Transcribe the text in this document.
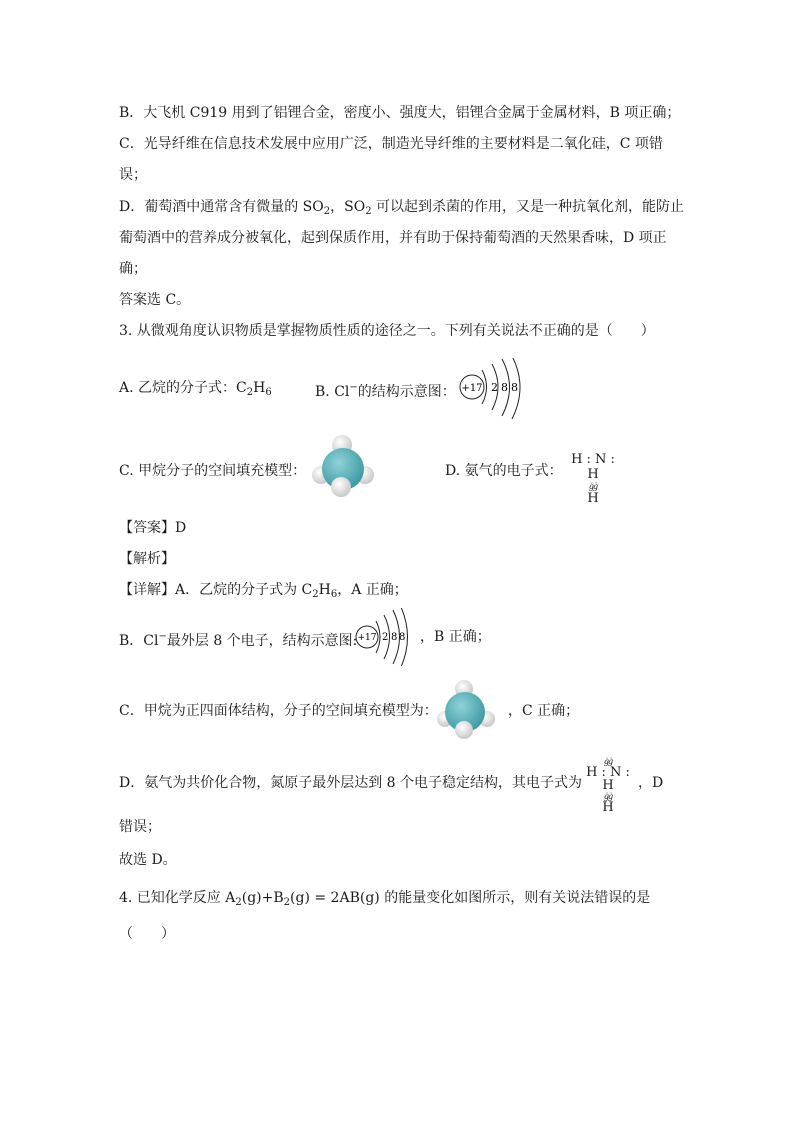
B．大飞机 C919 用到了铝锂合金，密度小、强度大，铝锂合金属于金属材料，B 项正确；
C．光导纤维在信息技术发展中应用广泛，制造光导纤维的主要材料是二氧化硅，C 项错
误；
D．葡萄酒中通常含有微量的 $SO_2$，$SO_2$ 可以起到杀菌的作用，又是一种抗氧化剂，能防止
葡萄酒中的营养成分被氧化，起到保质作用，并有助于保持葡萄酒的天然果香味，D 项正
确；
答案选 C。
3. 从微观角度认识物质是掌握物质性质的途径之一。下列有关说法不正确的是（　　）
A. 乙烷的分子式：$C_2H_6$	B. Cl−的结构示意图： +17 2 8 8
C. 甲烷分子的空间填充模型：	D. 氨气的电子式：
H : N : H
ġġ
H
【答案】D
【解析】
【详解】A．乙烷的分子式为 $C_2H_6$，A 正确；
B．Cl−最外层 8 个电子，结构示意图: +17 2 8 8 ，B 正确；
C．甲烷为正四面体结构，分子的空间填充模型为：	，C 正确；
D．氨气为共价化合物，氮原子最外层达到 8 个电子稳定结构，其电子式为
ġġ
H : N : H
ġġ
H
，D
错误；
故选 D。
4. 已知化学反应 $A_2(g)+B_2(g) = 2AB(g)$ 的能量变化如图所示，则有关说法错误的是
（　　）
